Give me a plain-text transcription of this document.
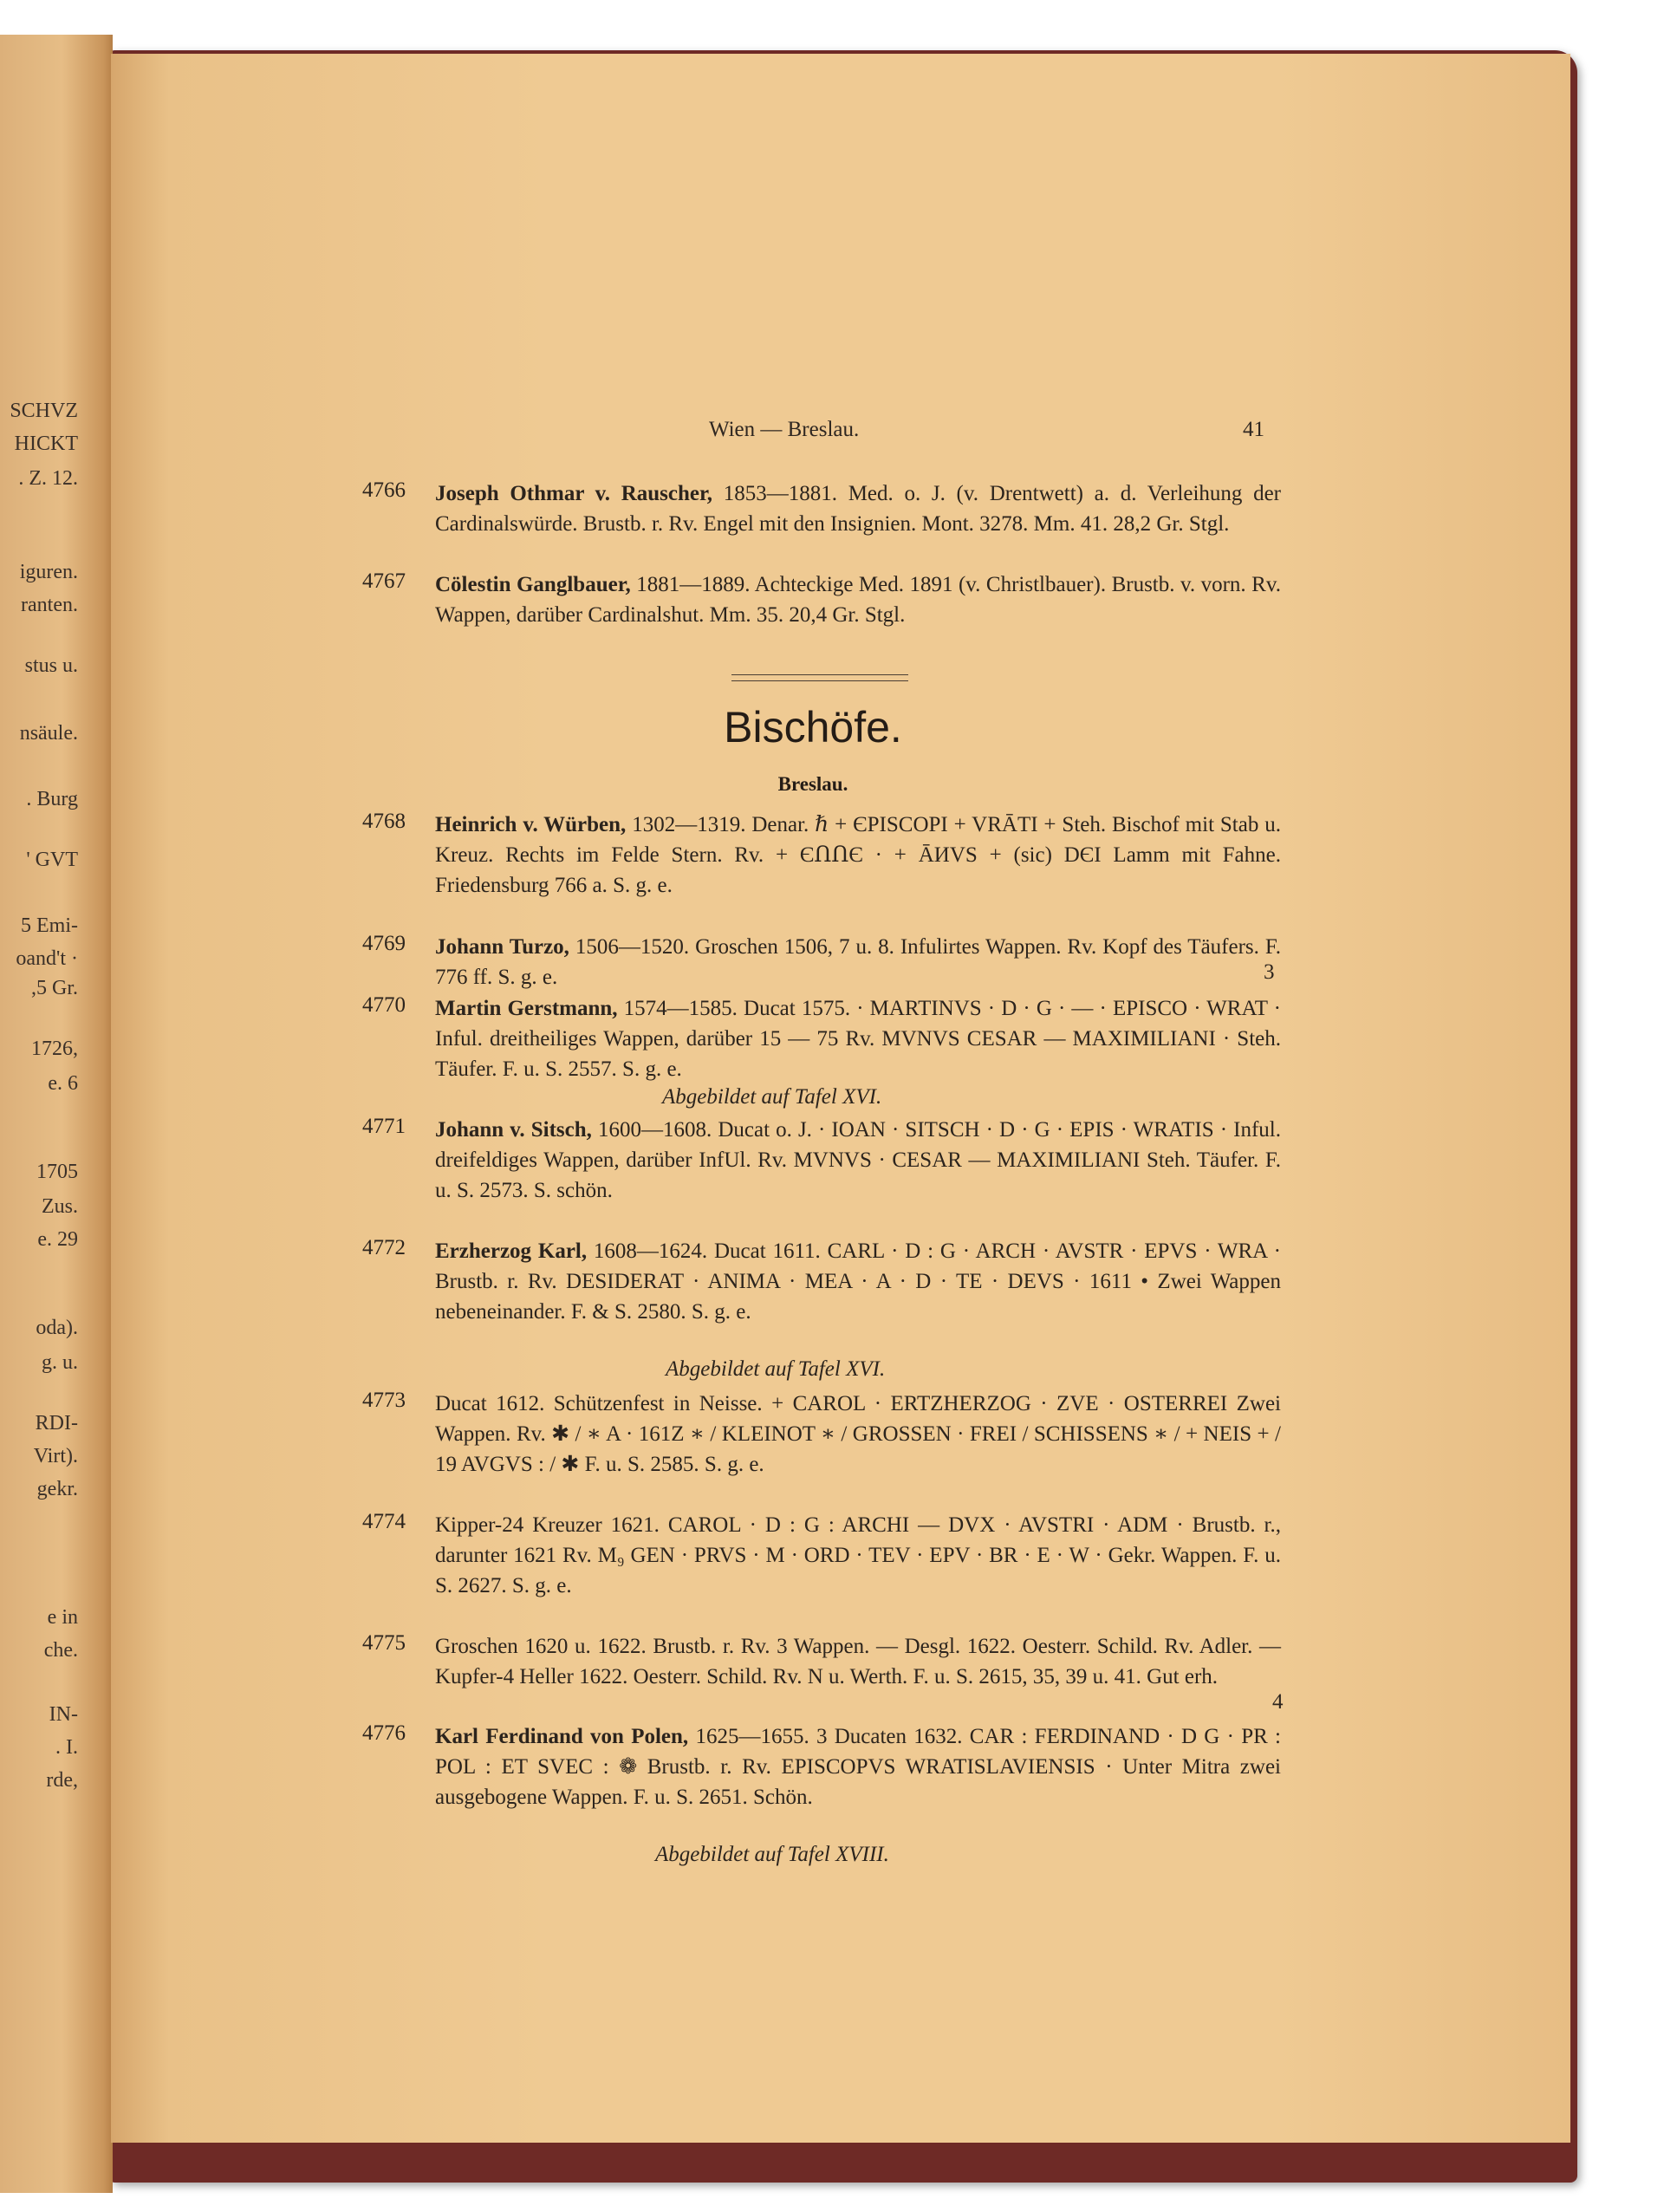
SCHVZ
HICKT
. Z. 12.
iguren.
ranten.
stus u.
nsäule.
. Burg
' GVT
5 Emi-
oand't ·
,5 Gr.
1726,
e. 6
1705
Zus.
e. 29
oda).
g. u.
RDI-
Virt).
gekr.
e in
che.
IN-
. I.
rde,
Wien — Breslau.	41
4766	Joseph Othmar v. Rauscher, 1853—1881. Med. o. J. (v. Drentwett) a. d. Verleihung der Cardinalswürde. Brustb. r. Rv. Engel mit den Insignien. Mont. 3278. Mm. 41. 28,2 Gr. Stgl.
4767	Cölestin Ganglbauer, 1881—1889. Achteckige Med. 1891 (v. Christlbauer). Brustb. v. vorn. Rv. Wappen, darüber Cardinalshut. Mm. 35. 20,4 Gr. Stgl.
Bischöfe.
Breslau.
4768	Heinrich v. Würben, 1302—1319. Denar. ℏ + ЄPISCOPI + VRĀTI + Steh. Bischof mit Stab u. Kreuz. Rechts im Felde Stern. Rv. + ЄՈՈЄ · + ĀИVS + (sic) DЄI Lamm mit Fahne. Friedensburg 766 a. S. g. e.
4769	Johann Turzo, 1506—1520. Groschen 1506, 7 u. 8. Infulirtes Wappen. Rv. Kopf des Täufers. F. 776 ff. S. g. e.	3
4770	Martin Gerstmann, 1574—1585. Ducat 1575. · MARTINVS · D · G · — · EPISCO · WRAT · Inful. dreitheiliges Wappen, darüber 15 — 75 Rv. MVNVS CESAR — MAXIMILIANI · Steh. Täufer. F. u. S. 2557. S. g. e.
Abgebildet auf Tafel XVI.
4771	Johann v. Sitsch, 1600—1608. Ducat o. J. · IOAN · SITSCH · D · G · EPIS · WRATIS · Inful. dreifeldiges Wappen, darüber InfUl. Rv. MVNVS · CESAR — MAXIMILIANI Steh. Täufer. F. u. S. 2573. S. schön.
4772	Erzherzog Karl, 1608—1624. Ducat 1611. CARL · D : G · ARCH · AVSTR · EPVS · WRA · Brustb. r. Rv. DESIDERAT · ANIMA · MEA · A · D · TE · DEVS · 1611 • Zwei Wappen nebeneinander. F. & S. 2580. S. g. e.
Abgebildet auf Tafel XVI.
4773	Ducat 1612. Schützenfest in Neisse. + CAROL · ERTZHERZOG · ZVE · OSTERREI Zwei Wappen. Rv. ✱ / ∗ A · 161Z ∗ / KLEINOT ∗ / GROSSEN · FREI / SCHISSENS ∗ / + NEIS + / 19 AVGVS : / ✱ F. u. S. 2585. S. g. e.
4774	Kipper-24 Kreuzer 1621. CAROL · D : G : ARCHI — DVX · AVSTRI · ADM · Brustb. r., darunter 1621 Rv. M₉ GEN · PRVS · M · ORD · TEV · EPV · BR · E · W · Gekr. Wappen. F. u. S. 2627. S. g. e.
4775	Groschen 1620 u. 1622. Brustb. r. Rv. 3 Wappen. — Desgl. 1622. Oesterr. Schild. Rv. Adler. — Kupfer-4 Heller 1622. Oesterr. Schild. Rv. N u. Werth. F. u. S. 2615, 35, 39 u. 41. Gut erh.
4
4776	Karl Ferdinand von Polen, 1625—1655. 3 Ducaten 1632. CAR : FERDINAND · D G · PR : POL : ET SVEC : ❁ Brustb. r. Rv. EPISCOPVS WRATISLAVIENSIS · Unter Mitra zwei ausgebogene Wappen. F. u. S. 2651. Schön.
Abgebildet auf Tafel XVIII.
